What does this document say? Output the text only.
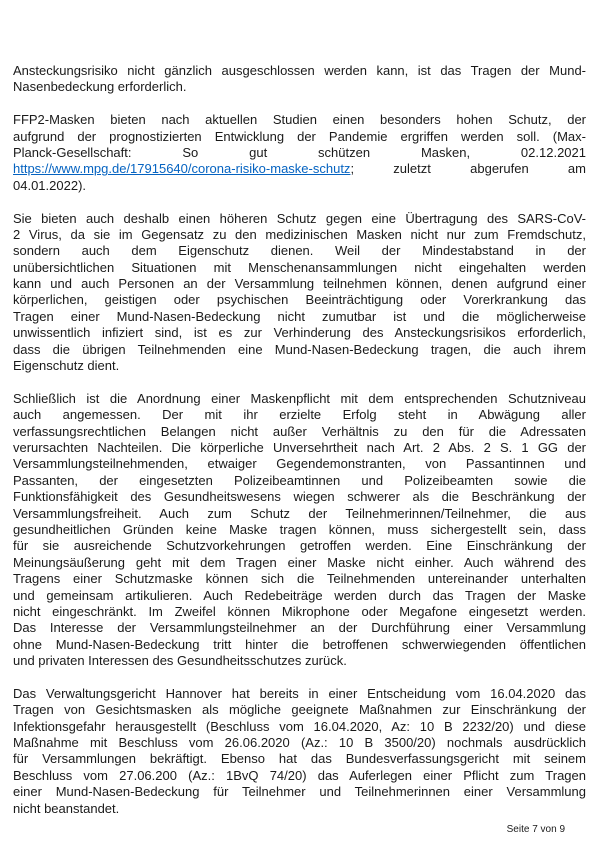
Ansteckungsrisiko nicht gänzlich ausgeschlossen werden kann, ist das Tragen der Mund-
Nasenbedeckung erforderlich.
FFP2-Masken bieten nach aktuellen Studien einen besonders hohen Schutz, der
aufgrund der prognostizierten Entwicklung der Pandemie ergriffen werden soll. (Max-
Planck-Gesellschaft: So gut schützen Masken, 02.12.2021
https://www.mpg.de/17915640/corona-risiko-maske-schutz; zuletzt abgerufen am
04.01.2022).
Sie bieten auch deshalb einen höheren Schutz gegen eine Übertragung des SARS-CoV-
2 Virus, da sie im Gegensatz zu den medizinischen Masken nicht nur zum Fremdschutz,
sondern auch dem Eigenschutz dienen. Weil der Mindestabstand in der
unübersichtlichen Situationen mit Menschenansammlungen nicht eingehalten werden
kann und auch Personen an der Versammlung teilnehmen können, denen aufgrund einer
körperlichen, geistigen oder psychischen Beeinträchtigung oder Vorerkrankung das
Tragen einer Mund-Nasen-Bedeckung nicht zumutbar ist und die möglicherweise
unwissentlich infiziert sind, ist es zur Verhinderung des Ansteckungsrisikos erforderlich,
dass die übrigen Teilnehmenden eine Mund-Nasen-Bedeckung tragen, die auch ihrem
Eigenschutz dient.
Schließlich ist die Anordnung einer Maskenpflicht mit dem entsprechenden Schutzniveau
auch angemessen. Der mit ihr erzielte Erfolg steht in Abwägung aller
verfassungsrechtlichen Belangen nicht außer Verhältnis zu den für die Adressaten
verursachten Nachteilen. Die körperliche Unversehrtheit nach Art. 2 Abs. 2 S. 1 GG der
Versammlungsteilnehmenden, etwaiger Gegendemonstranten, von Passantinnen und
Passanten, der eingesetzten Polizeibeamtinnen und Polizeibeamten sowie die
Funktionsfähigkeit des Gesundheitswesens wiegen schwerer als die Beschränkung der
Versammlungsfreiheit. Auch zum Schutz der Teilnehmerinnen/Teilnehmer, die aus
gesundheitlichen Gründen keine Maske tragen können, muss sichergestellt sein, dass
für sie ausreichende Schutzvorkehrungen getroffen werden. Eine Einschränkung der
Meinungsäußerung geht mit dem Tragen einer Maske nicht einher. Auch während des
Tragens einer Schutzmaske können sich die Teilnehmenden untereinander unterhalten
und gemeinsam artikulieren. Auch Redebeiträge werden durch das Tragen der Maske
nicht eingeschränkt. Im Zweifel können Mikrophone oder Megafone eingesetzt werden.
Das Interesse der Versammlungsteilnehmer an der Durchführung einer Versammlung
ohne Mund-Nasen-Bedeckung tritt hinter die betroffenen schwerwiegenden öffentlichen
und privaten Interessen des Gesundheitsschutzes zurück.
Das Verwaltungsgericht Hannover hat bereits in einer Entscheidung vom 16.04.2020 das
Tragen von Gesichtsmasken als mögliche geeignete Maßnahmen zur Einschränkung der
Infektionsgefahr herausgestellt (Beschluss vom 16.04.2020, Az: 10 B 2232/20) und diese
Maßnahme mit Beschluss vom 26.06.2020 (Az.: 10 B 3500/20) nochmals ausdrücklich
für Versammlungen bekräftigt. Ebenso hat das Bundesverfassungsgericht mit seinem
Beschluss vom 27.06.200 (Az.: 1BvQ 74/20) das Auferlegen einer Pflicht zum Tragen
einer Mund-Nasen-Bedeckung für Teilnehmer und Teilnehmerinnen einer Versammlung
nicht beanstandet.
Seite 7 von 9
